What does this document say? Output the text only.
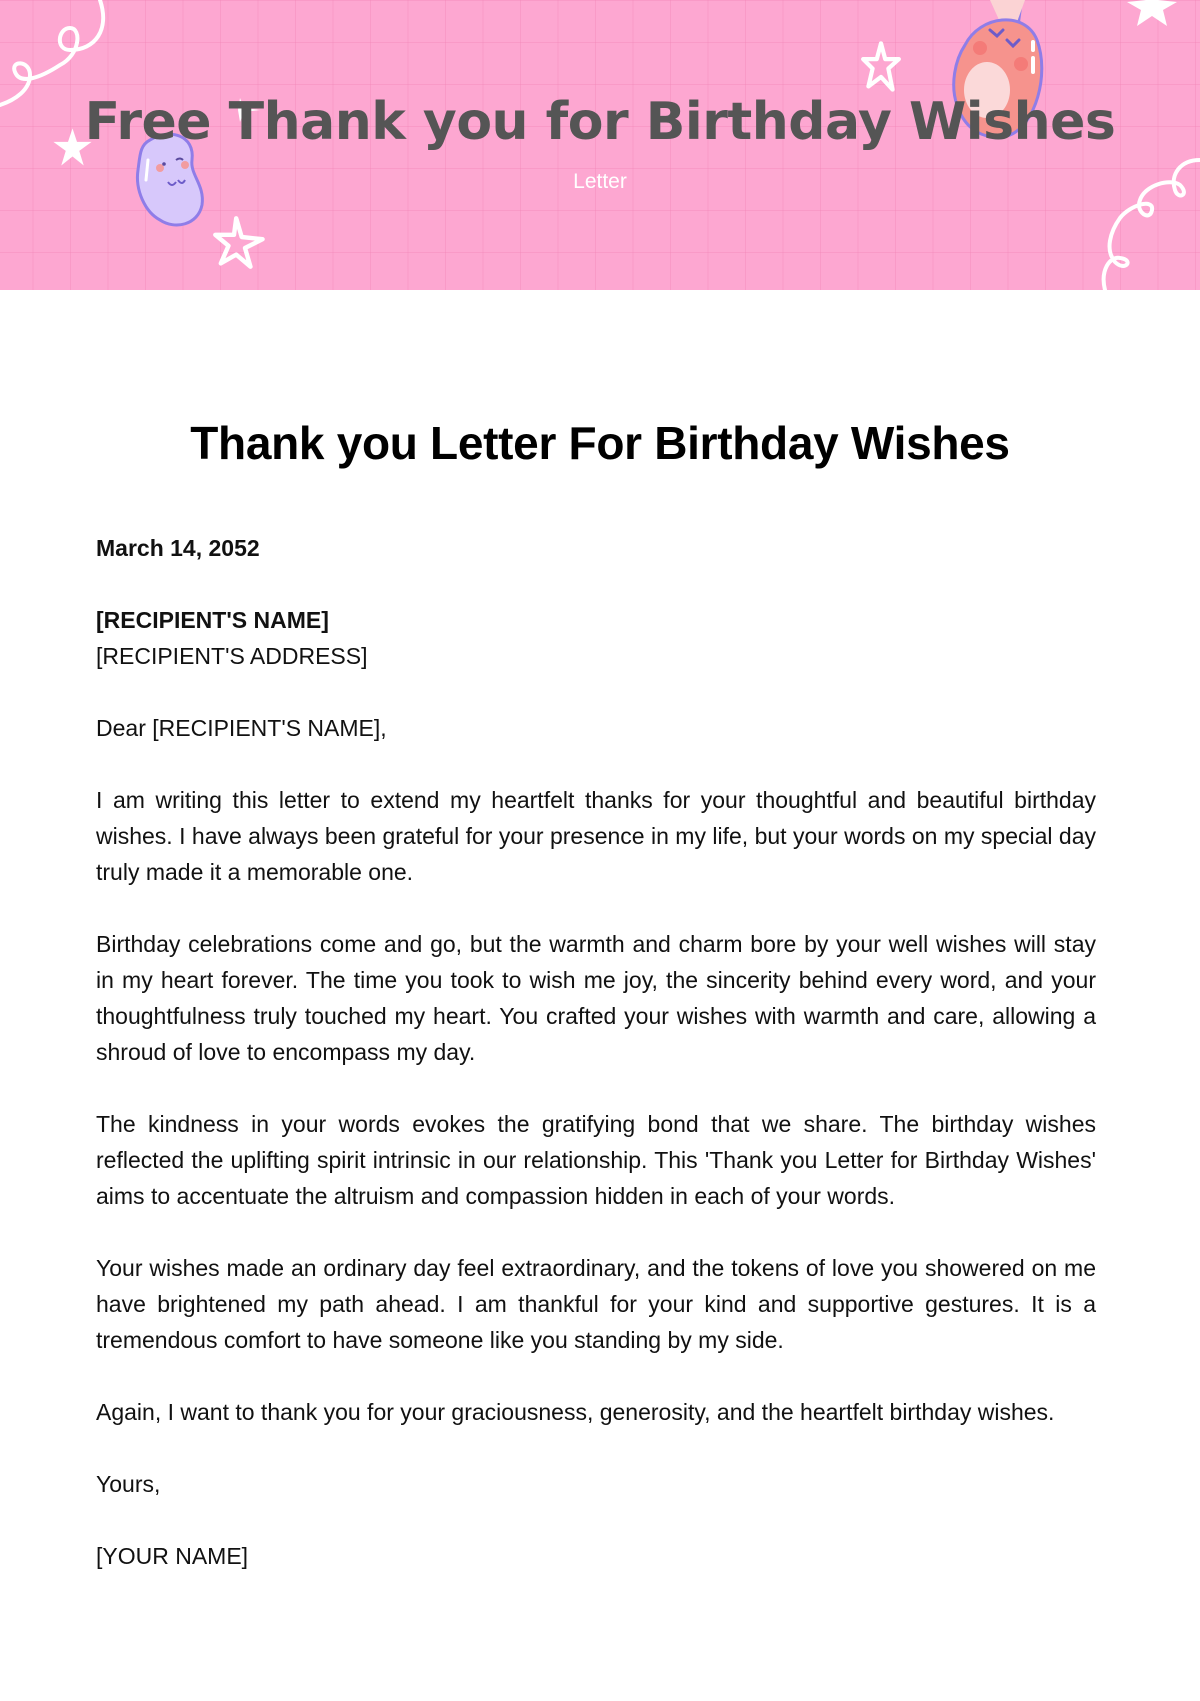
Free Thank you for Birthday Wishes
Letter
Thank you Letter For Birthday Wishes

March 14, 2052

[RECIPIENT'S NAME]

[RECIPIENT'S ADDRESS]

Dear [RECIPIENT'S NAME],

I am writing this letter to extend my heartfelt thanks for your thoughtful and beautiful birthday wishes. I have always been grateful for your presence in my life, but your words on my special day truly made it a memorable one.

Birthday celebrations come and go, but the warmth and charm bore by your well wishes will stay in my heart forever. The time you took to wish me joy, the sincerity behind every word, and your thoughtfulness truly touched my heart. You crafted your wishes with warmth and care, allowing a shroud of love to encompass my day.

The kindness in your words evokes the gratifying bond that we share. The birthday wishes reflected the uplifting spirit intrinsic in our relationship. This 'Thank you Letter for Birthday Wishes' aims to accentuate the altruism and compassion hidden in each of your words.

Your wishes made an ordinary day feel extraordinary, and the tokens of love you showered on me have brightened my path ahead. I am thankful for your kind and supportive gestures. It is a tremendous comfort to have someone like you standing by my side.

Again, I want to thank you for your graciousness, generosity, and the heartfelt birthday wishes.

Yours,

[YOUR NAME]
